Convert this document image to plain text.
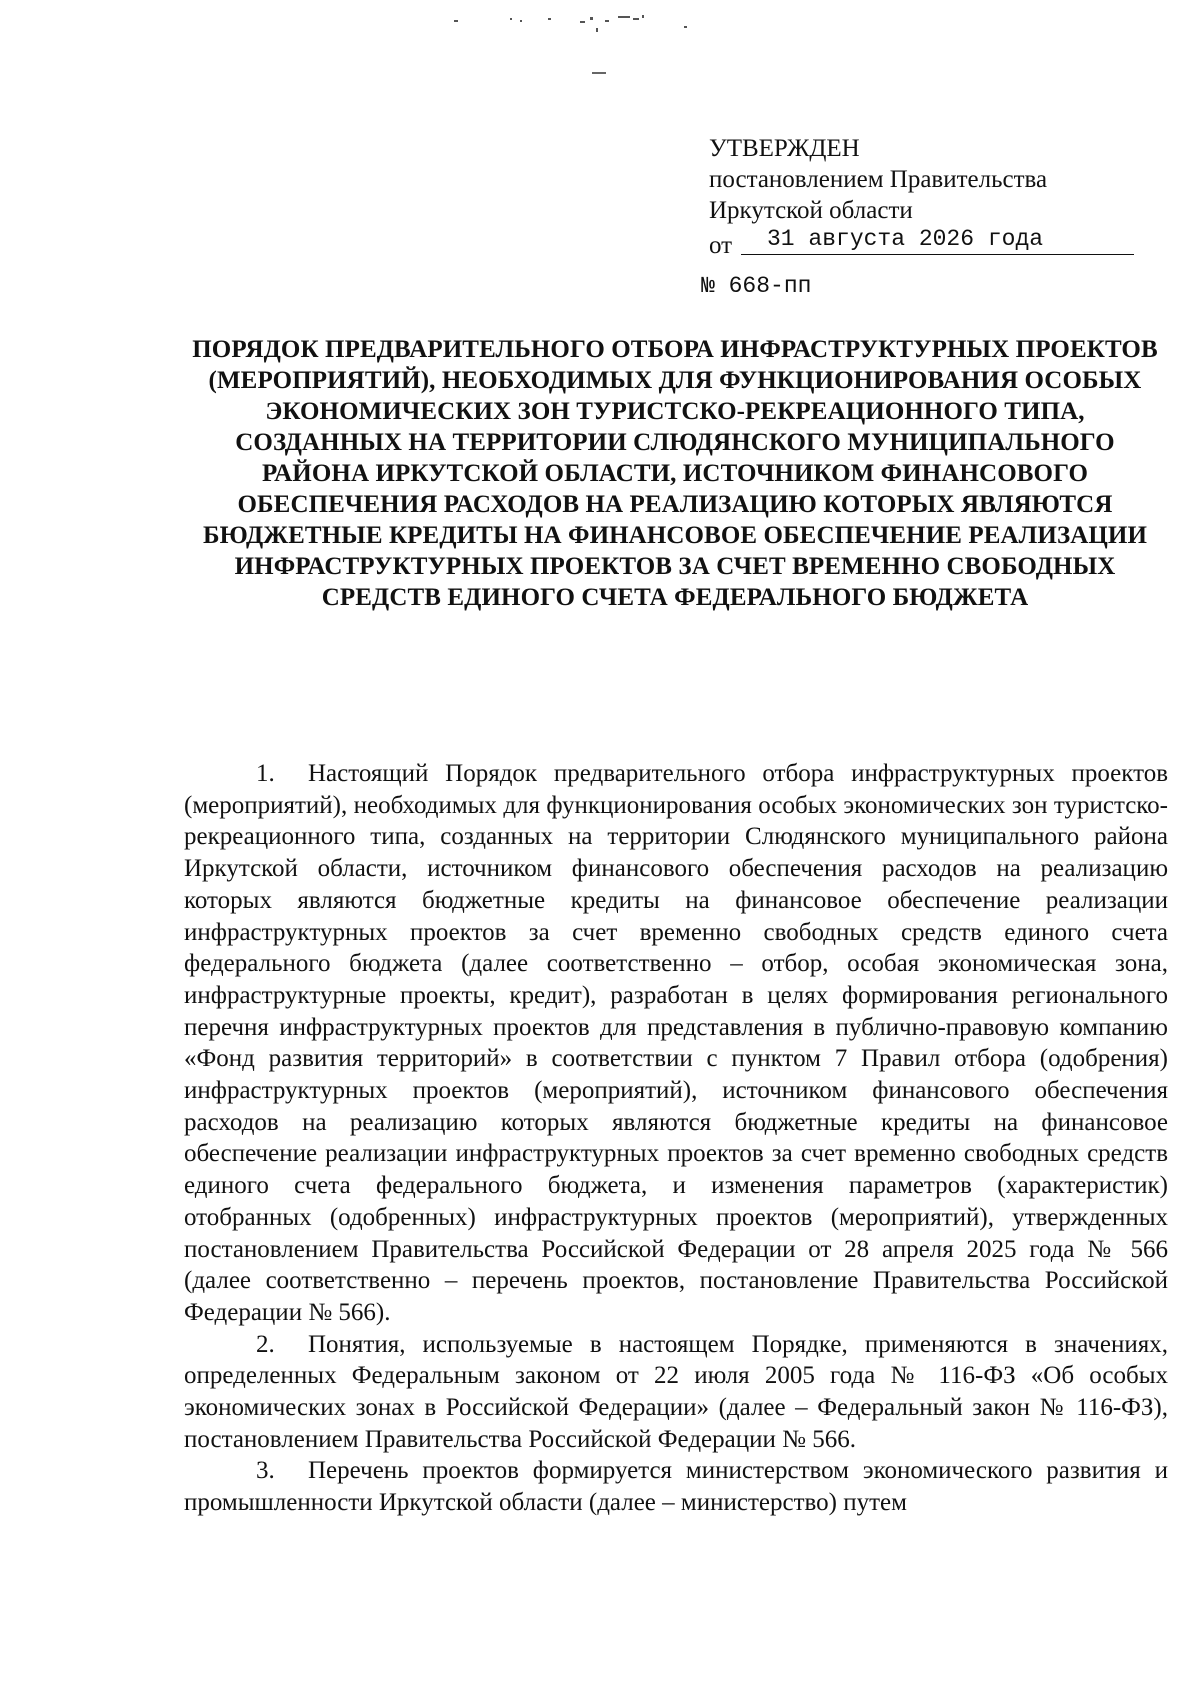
УТВЕРЖДЕН
постановлением Правительства
Иркутской области
от	31 августа 2026 года
№ 668-пп
ПОРЯДОК ПРЕДВАРИТЕЛЬНОГО ОТБОРА ИНФРАСТРУКТУРНЫХ ПРОЕКТОВ (МЕРОПРИЯТИЙ), НЕОБХОДИМЫХ ДЛЯ ФУНКЦИОНИРОВАНИЯ ОСОБЫХ ЭКОНОМИЧЕСКИХ ЗОН ТУРИСТСКО-РЕКРЕАЦИОННОГО ТИПА, СОЗДАННЫХ НА ТЕРРИТОРИИ СЛЮДЯНСКОГО МУНИЦИПАЛЬНОГО РАЙОНА ИРКУТСКОЙ ОБЛАСТИ, ИСТОЧНИКОМ ФИНАНСОВОГО ОБЕСПЕЧЕНИЯ РАСХОДОВ НА РЕАЛИЗАЦИЮ КОТОРЫХ ЯВЛЯЮТСЯ БЮДЖЕТНЫЕ КРЕДИТЫ НА ФИНАНСОВОЕ ОБЕСПЕЧЕНИЕ РЕАЛИЗАЦИИ ИНФРАСТРУКТУРНЫХ ПРОЕКТОВ ЗА СЧЕТ ВРЕМЕННО СВОБОДНЫХ СРЕДСТВ ЕДИНОГО СЧЕТА ФЕДЕРАЛЬНОГО БЮДЖЕТА

1. Настоящий Порядок предварительного отбора инфраструктурных проектов (мероприятий), необходимых для функционирования особых экономических зон туристско-рекреационного типа, созданных на территории Слюдянского муниципального района Иркутской области, источником финансового обеспечения расходов на реализацию которых являются бюджетные кредиты на финансовое обеспечение реализации инфраструктурных проектов за счет временно свободных средств единого счета федерального бюджета (далее соответственно – отбор, особая экономическая зона, инфраструктурные проекты, кредит), разработан в целях формирования регионального перечня инфраструктурных проектов для представления в публично-правовую компанию «Фонд развития территорий» в соответствии с пунктом 7 Правил отбора (одобрения) инфраструктурных проектов (мероприятий), источником финансового обеспечения расходов на реализацию которых являются бюджетные кредиты на финансовое обеспечение реализации инфраструктурных проектов за счет временно свободных средств единого счета федерального бюджета, и изменения параметров (характеристик) отобранных (одобренных) инфраструктурных проектов (мероприятий), утвержденных постановлением Правительства Российской Федерации от 28 апреля 2025 года № 566 (далее соответственно – перечень проектов, постановление Правительства Российской Федерации № 566).

2. Понятия, используемые в настоящем Порядке, применяются в значениях, определенных Федеральным законом от 22 июля 2005 года № 116-ФЗ «Об особых экономических зонах в Российской Федерации» (далее – Федеральный закон № 116-ФЗ), постановлением Правительства Российской Федерации № 566.

3. Перечень проектов формируется министерством экономического развития и промышленности Иркутской области (далее – министерство) путем
